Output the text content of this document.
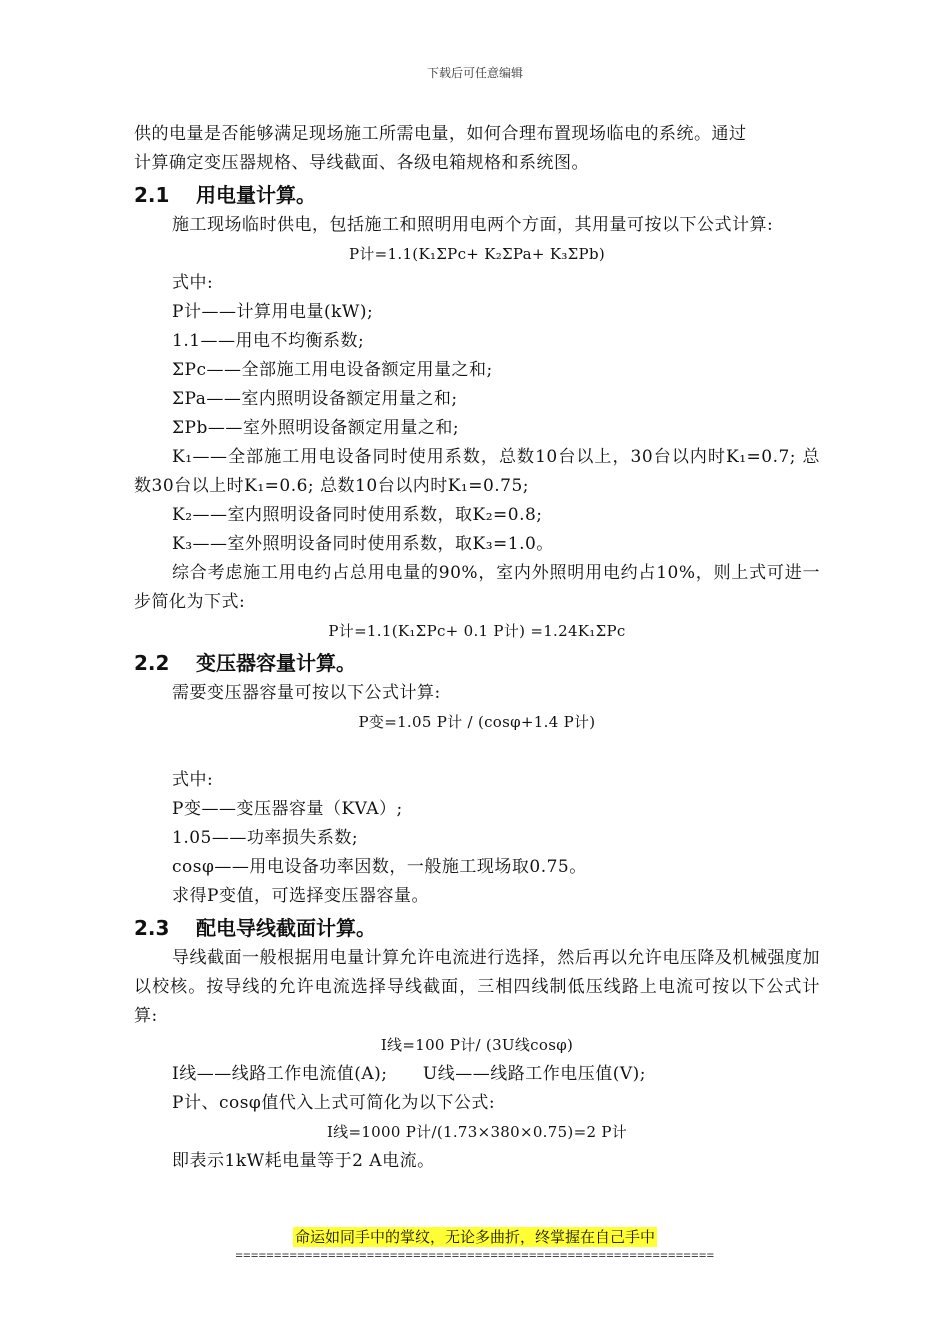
下载后可任意编辑

供的电量是否能够满足现场施工所需电量，如何合理布置现场临电的系统。通过

计算确定变压器规格、导线截面、各级电箱规格和系统图。

2.1 用电量计算。

施工现场临时供电，包括施工和照明用电两个方面，其用量可按以下公式计算:

P计=1.1(K₁ΣPc+ K₂ΣPa+ K₃ΣPb)

式中:

P计——计算用电量(kW);

1.1——用电不均衡系数;

ΣPc——全部施工用电设备额定用量之和;

ΣPa——室内照明设备额定用量之和;

ΣPb——室外照明设备额定用量之和;

K₁——全部施工用电设备同时使用系数，总数10台以上，30台以内时K₁=0.7; 总数30台以上时K₁=0.6; 总数10台以内时K₁=0.75;

K₂——室内照明设备同时使用系数，取K₂=0.8;

K₃——室外照明设备同时使用系数，取K₃=1.0。

综合考虑施工用电约占总用电量的90%，室内外照明用电约占10%，则上式可进一步简化为下式:

P计=1.1(K₁ΣPc+ 0.1 P计) =1.24K₁ΣPc
2.2 变压器容量计算。

需要变压器容量可按以下公式计算:

P变=1.05 P计 / (cosφ+1.4 P计)

式中:

P变——变压器容量（KVA）;

1.05——功率损失系数;

cosφ——用电设备功率因数，一般施工现场取0.75。

求得P变值，可选择变压器容量。

2.3 配电导线截面计算。

导线截面一般根据用电量计算允许电流进行选择，然后再以允许电压降及机械强度加以校核。按导线的允许电流选择导线截面，三相四线制低压线路上电流可按以下公式计算:

I线=100 P计/ (3U线cosφ)

I线——线路工作电流值(A);      U线——线路工作电压值(V);

P计、cosφ值代入上式可简化为以下公式:

I线=1000 P计/(1.73×380×0.75)=2 P计

即表示1kW耗电量等于2 A电流。

命运如同手中的掌纹，无论多曲折，终掌握在自己手中
==============================================================
